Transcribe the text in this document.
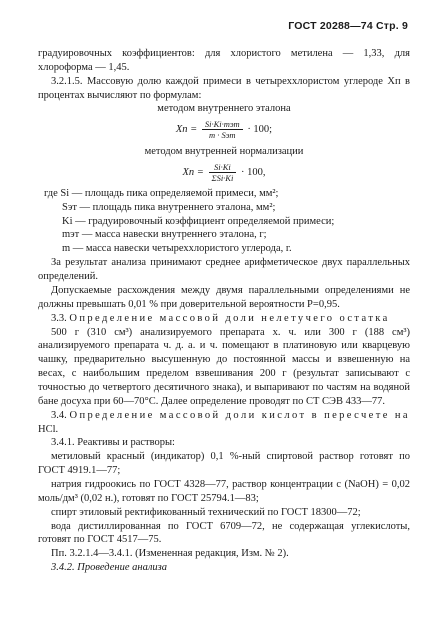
ГОСТ 20288—74 Стр. 9

градуировочных коэффициентов: для хлористого метилена — 1,33, для хлороформа — 1,45.

3.2.1.5. Массовую долю каждой примеси в четыреххлористом углероде Xп в процентах вычисляют по формулам:

методом внутреннего эталона

Xп = $\frac{\text{Si·Ki·mэт}}{\text{m · Sэт}} \cdot 100$;

методом внутренней нормализации

Xп = $\frac{Si\cdot Ki}{\text{ΣSi·Ki}} \cdot 100$,

где Si — площадь пика определяемой примеси, мм²;

Sэт — площадь пика внутреннего эталона, мм²;

Ki — градуировочный коэффициент определяемой примеси;

mэт — масса навески внутреннего эталона, г;

m — масса навески четыреххлористого углерода, г.

За результат анализа принимают среднее арифметическое двух параллельных определений.

Допускаемые расхождения между двумя параллельными определениями не должны превышать 0,01 % при доверительной вероятности P=0,95.

3.3. Определение массовой доли нелетучего остатка

500 г (310 см³) анализируемого препарата х. ч. или 300 г (188 см³) анализируемого препарата ч. д. а. и ч. помещают в платиновую или кварцевую чашку, предварительно высушенную до постоянной массы и взвешенную на весах, с наибольшим пределом взвешивания 200 г (результат записывают с точностью до четвертого десятичного знака), и выпаривают по частям на водяной бане досуха при 60—70°С. Далее определение проводят по СТ СЭВ 433—77.

3.4. Определение массовой доли кислот в пересчете на HCl.

3.4.1. Реактивы и растворы:

метиловый красный (индикатор) 0,1 %-ный спиртовой раствор готовят по ГОСТ 4919.1—77;

натрия гидроокись по ГОСТ 4328—77, раствор концентрации c (NaOH) = 0,02 моль/дм³ (0,02 н.), готовят по ГОСТ 25794.1—83;

спирт этиловый ректификованный технический по ГОСТ 18300—72;

вода дистиллированная по ГОСТ 6709—72, не содержащая углекислоты, готовят по ГОСТ 4517—75.

Пп. 3.2.1.4—3.4.1. (Измененная редакция, Изм. № 2).

3.4.2. Проведение анализа
